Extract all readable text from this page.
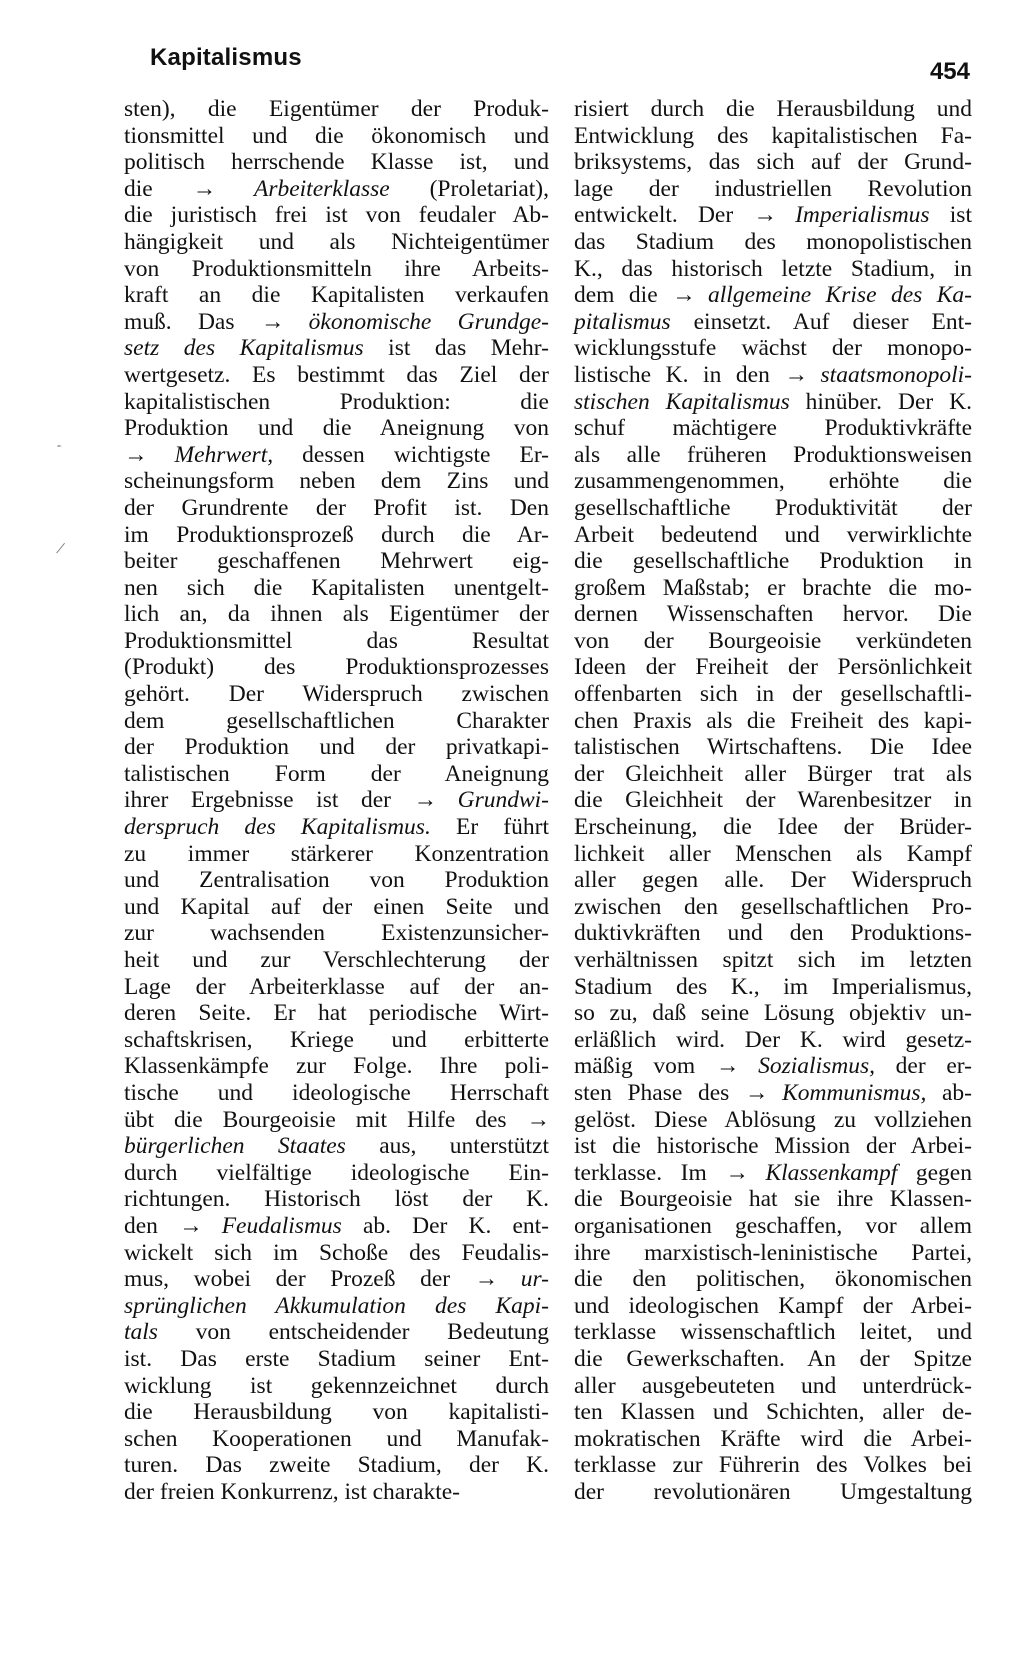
Kapitalismus
454
ˋ
/
sten), die Eigentümer der Produk-
tionsmittel und die ökonomisch und
politisch herrschende Klasse ist, und
die → Arbeiterklasse (Proletariat),
die juristisch frei ist von feudaler Ab-
hängigkeit und als Nichteigentümer
von Produktionsmitteln ihre Arbeits-
kraft an die Kapitalisten verkaufen
muß. Das → ökonomische Grundge-
setz des Kapitalismus ist das Mehr-
wertgesetz. Es bestimmt das Ziel der
kapitalistischen Produktion: die
Produktion und die Aneignung von
→ Mehrwert, dessen wichtigste Er-
scheinungsform neben dem Zins und
der Grundrente der Profit ist. Den
im Produktionsprozeß durch die Ar-
beiter geschaffenen Mehrwert eig-
nen sich die Kapitalisten unentgelt-
lich an, da ihnen als Eigentümer der
Produktionsmittel das Resultat
(Produkt) des Produktionsprozesses
gehört. Der Widerspruch zwischen
dem gesellschaftlichen Charakter
der Produktion und der privatkapi-
talistischen Form der Aneignung
ihrer Ergebnisse ist der → Grundwi-
derspruch des Kapitalismus. Er führt
zu immer stärkerer Konzentration
und Zentralisation von Produktion
und Kapital auf der einen Seite und
zur wachsenden Existenzunsicher-
heit und zur Verschlechterung der
Lage der Arbeiterklasse auf der an-
deren Seite. Er hat periodische Wirt-
schaftskrisen, Kriege und erbitterte
Klassenkämpfe zur Folge. Ihre poli-
tische und ideologische Herrschaft
übt die Bourgeoisie mit Hilfe des →
bürgerlichen Staates aus, unterstützt
durch vielfältige ideologische Ein-
richtungen. Historisch löst der K.
den → Feudalismus ab. Der K. ent-
wickelt sich im Schoße des Feudalis-
mus, wobei der Prozeß der → ur-
sprünglichen Akkumulation des Kapi-
tals von entscheidender Bedeutung
ist. Das erste Stadium seiner Ent-
wicklung ist gekennzeichnet durch
die Herausbildung von kapitalisti-
schen Kooperationen und Manufak-
turen. Das zweite Stadium, der K.
der freien Konkurrenz, ist charakte-
risiert durch die Herausbildung und
Entwicklung des kapitalistischen Fa-
briksystems, das sich auf der Grund-
lage der industriellen Revolution
entwickelt. Der → Imperialismus ist
das Stadium des monopolistischen
K., das historisch letzte Stadium, in
dem die → allgemeine Krise des Ka-
pitalismus einsetzt. Auf dieser Ent-
wicklungsstufe wächst der monopo-
listische K. in den → staatsmonopoli-
stischen Kapitalismus hinüber. Der K.
schuf mächtigere Produktivkräfte
als alle früheren Produktionsweisen
zusammengenommen, erhöhte die
gesellschaftliche Produktivität der
Arbeit bedeutend und verwirklichte
die gesellschaftliche Produktion in
großem Maßstab; er brachte die mo-
dernen Wissenschaften hervor. Die
von der Bourgeoisie verkündeten
Ideen der Freiheit der Persönlichkeit
offenbarten sich in der gesellschaftli-
chen Praxis als die Freiheit des kapi-
talistischen Wirtschaftens. Die Idee
der Gleichheit aller Bürger trat als
die Gleichheit der Warenbesitzer in
Erscheinung, die Idee der Brüder-
lichkeit aller Menschen als Kampf
aller gegen alle. Der Widerspruch
zwischen den gesellschaftlichen Pro-
duktivkräften und den Produktions-
verhältnissen spitzt sich im letzten
Stadium des K., im Imperialismus,
so zu, daß seine Lösung objektiv un-
erläßlich wird. Der K. wird gesetz-
mäßig vom → Sozialismus, der er-
sten Phase des → Kommunismus, ab-
gelöst. Diese Ablösung zu vollziehen
ist die historische Mission der Arbei-
terklasse. Im → Klassenkampf gegen
die Bourgeoisie hat sie ihre Klassen-
organisationen geschaffen, vor allem
ihre marxistisch-leninistische Partei,
die den politischen, ökonomischen
und ideologischen Kampf der Arbei-
terklasse wissenschaftlich leitet, und
die Gewerkschaften. An der Spitze
aller ausgebeuteten und unterdrück-
ten Klassen und Schichten, aller de-
mokratischen Kräfte wird die Arbei-
terklasse zur Führerin des Volkes bei
der revolutionären Umgestaltung
